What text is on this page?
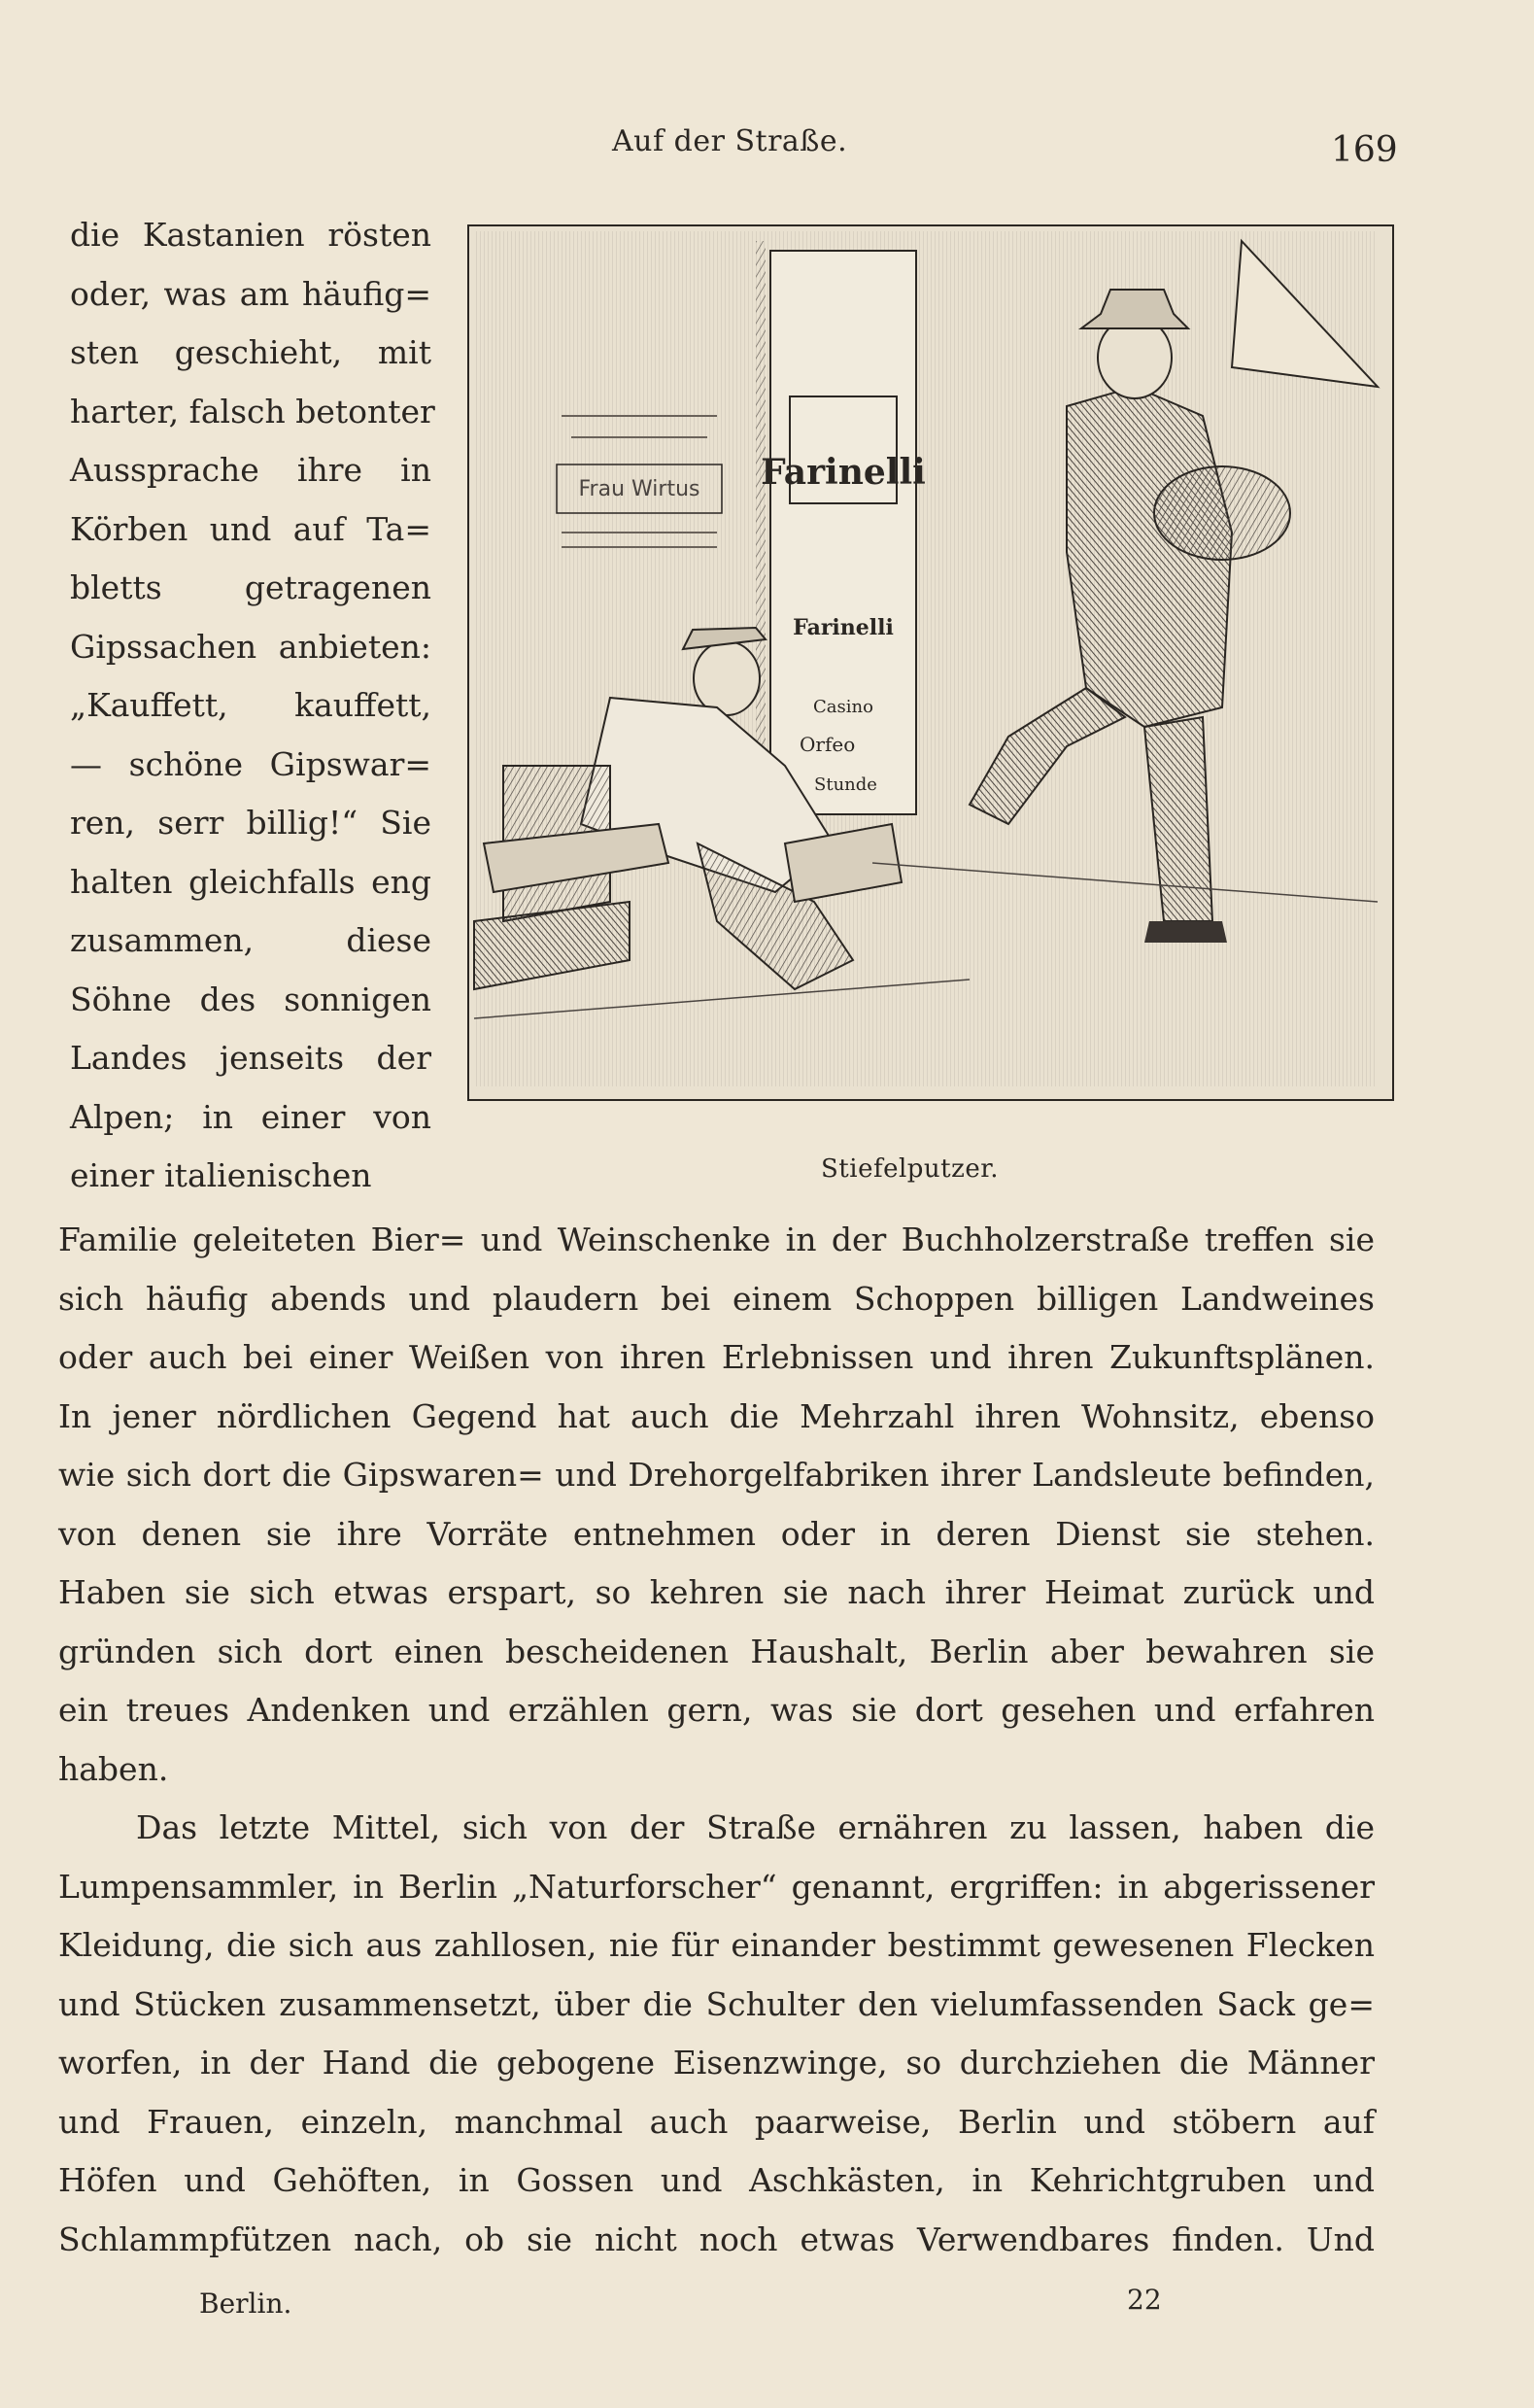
Auf der Straße.	169
die Kastanien rösten
oder, was am häufig=
sten geschieht, mit
harter, falsch betonter
Aussprache ihre in
Körben und auf Ta=
bletts getragenen
Gipssachen anbieten:
„Kauffett, kauffett,
— schöne Gipswar=
ren, serr billig!“ Sie
halten gleichfalls eng
zusammen, diese
Söhne des sonnigen
Landes jenseits der
Alpen; in einer von
einer italienischen
Farinelli
Farinelli
Frau Wirtus
Casino
Orfeo
Stunde
Stiefelputzer.
Familie geleiteten Bier= und Weinschenke in der Buchholzerstraße treffen sie
sich häufig abends und plaudern bei einem Schoppen billigen Landweines
oder auch bei einer Weißen von ihren Erlebnissen und ihren Zukunftsplänen.
In jener nördlichen Gegend hat auch die Mehrzahl ihren Wohnsitz, ebenso
wie sich dort die Gipswaren= und Drehorgelfabriken ihrer Landsleute befinden,
von denen sie ihre Vorräte entnehmen oder in deren Dienst sie stehen.
Haben sie sich etwas erspart, so kehren sie nach ihrer Heimat zurück und
gründen sich dort einen bescheidenen Haushalt, Berlin aber bewahren sie
ein treues Andenken und erzählen gern, was sie dort gesehen und erfahren
haben.
Das letzte Mittel, sich von der Straße ernähren zu lassen, haben die
Lumpensammler, in Berlin „Naturforscher“ genannt, ergriffen: in abgerissener
Kleidung, die sich aus zahllosen, nie für einander bestimmt gewesenen Flecken
und Stücken zusammensetzt, über die Schulter den vielumfassenden Sack ge=
worfen, in der Hand die gebogene Eisenzwinge, so durchziehen die Männer
und Frauen, einzeln, manchmal auch paarweise, Berlin und stöbern auf
Höfen und Gehöften, in Gossen und Aschkästen, in Kehrichtgruben und
Schlammpfützen nach, ob sie nicht noch etwas Verwendbares finden. Und
Berlin.	22
